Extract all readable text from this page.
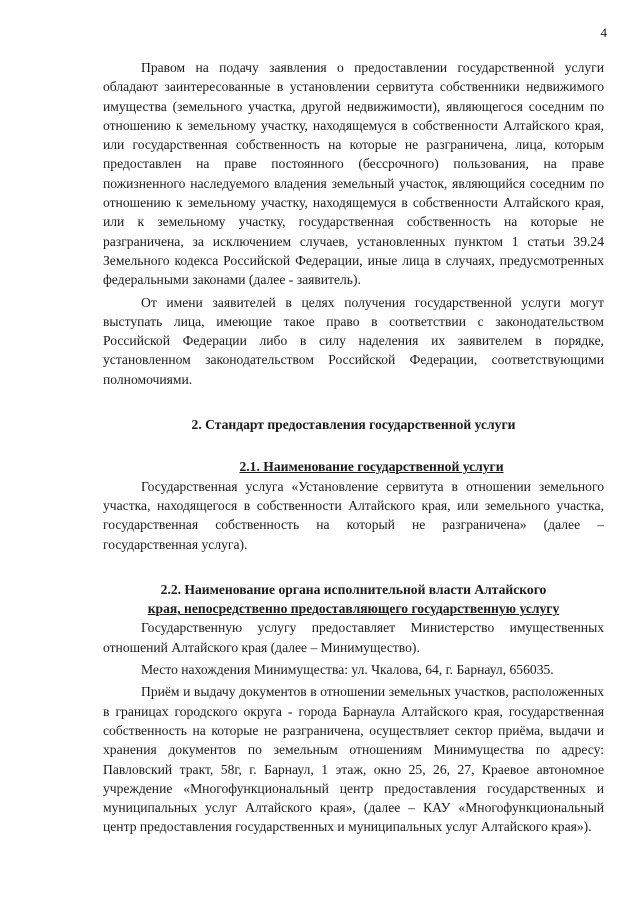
4

Правом на подачу заявления о предоставлении государственной услуги обладают заинтересованные в установлении сервитута собственники недвижимого имущества (земельного участка, другой недвижимости), являющегося соседним по отношению к земельному участку, находящемуся в собственности Алтайского края, или государственная собственность на которые не разграничена, лица, которым предоставлен на праве постоянного (бессрочного) пользования, на праве пожизненного наследуемого владения земельный участок, являющийся соседним по отношению к земельному участку, находящемуся в собственности Алтайского края, или к земельному участку, государственная собственность на которые не разграничена, за исключением случаев, установленных пунктом 1 статьи 39.24 Земельного кодекса Российской Федерации, иные лица в случаях, предусмотренных федеральными законами (далее - заявитель).

От имени заявителей в целях получения государственной услуги могут выступать лица, имеющие такое право в соответствии с законодательством Российской Федерации либо в силу наделения их заявителем в порядке, установленном законодательством Российской Федерации, соответствующими полномочиями.

2. Стандарт предоставления государственной услуги

2.1. Наименование государственной услуги

Государственная услуга «Установление сервитута в отношении земельного участка, находящегося в собственности Алтайского края, или земельного участка, государственная собственность на который не разграничена» (далее – государственная услуга).

2.2. Наименование органа исполнительной власти Алтайского
края, непосредственно предоставляющего государственную услугу

Государственную услугу предоставляет Министерство имущественных отношений Алтайского края (далее – Минимущество).

Место нахождения Минимущества: ул. Чкалова, 64, г. Барнаул, 656035.

Приём и выдачу документов в отношении земельных участков, расположенных в границах городского округа - города Барнаула Алтайского края, государственная собственность на которые не разграничена, осуществляет сектор приёма, выдачи и хранения документов по земельным отношениям Минимущества по адресу: Павловский тракт, 58г, г. Барнаул, 1 этаж, окно 25, 26, 27, Краевое автономное учреждение «Многофункциональный центр предоставления государственных и муниципальных услуг Алтайского края», (далее – КАУ «Многофункциональный центр предоставления государственных и муниципальных услуг Алтайского края»).
